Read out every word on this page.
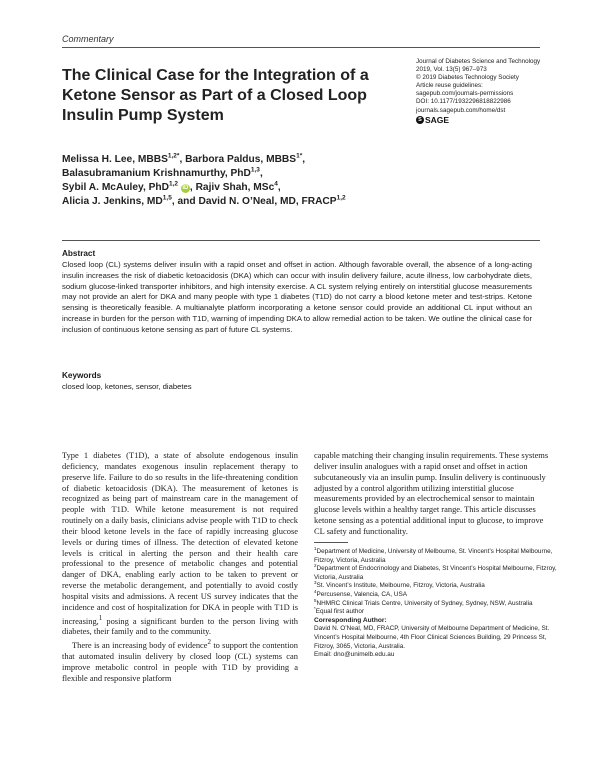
Commentary
The Clinical Case for the Integration of a Ketone Sensor as Part of a Closed Loop Insulin Pump System
Journal of Diabetes Science and Technology
2019, Vol. 13(5) 967–973
© 2019 Diabetes Technology Society
Article reuse guidelines:
sagepub.com/journals-permissions
DOI: 10.1177/1932296818822986
journals.sagepub.com/home/dst
S SAGE
Melissa H. Lee, $MBBS^{1,2*}$, Barbora Paldus, $MBBS^{1*}$,
Balasubramanium Krishnamurthy, PhD$^{1,3}$,
Sybil A. McAuley, PhD$^{1,2}$ iD , Rajiv Shah, MSc$^4$,
Alicia J. Jenkins, MD$^{1,5}$, and David N. O’Neal, MD, FRACP$^{1,2}$
Abstract
Closed loop (CL) systems deliver insulin with a rapid onset and offset in action. Although favorable overall, the absence of a long-acting insulin increases the risk of diabetic ketoacidosis (DKA) which can occur with insulin delivery failure, acute illness, low carbohydrate diets, sodium glucose-linked transporter inhibitors, and high intensity exercise. A CL system relying entirely on interstitial glucose measurements may not provide an alert for DKA and many people with type 1 diabetes (T1D) do not carry a blood ketone meter and test-strips. Ketone sensing is theoretically feasible. A multianalyte platform incorporating a ketone sensor could provide an additional CL input without an increase in burden for the person with T1D, warning of impending DKA to allow remedial action to be taken. We outline the clinical case for inclusion of continuous ketone sensing as part of future CL systems.
Keywords
closed loop, ketones, sensor, diabetes

Type 1 diabetes (T1D), a state of absolute endogenous insulin deficiency, mandates exogenous insulin replacement therapy to preserve life. Failure to do so results in the life-threatening condition of diabetic ketoacidosis (DKA). The measurement of ketones is recognized as being part of mainstream care in the management of people with T1D. While ketone measurement is not required routinely on a daily basis, clinicians advise people with T1D to check their blood ketone levels in the face of rapidly increasing glucose levels or during times of illness. The detection of elevated ketone levels is critical in alerting the person and their health care professional to the presence of metabolic changes and potential danger of DKA, enabling early action to be taken to prevent or reverse the metabolic derangement, and potentially to avoid costly hospital visits and admissions. A recent US survey indicates that the incidence and cost of hospitalization for DKA in people with T1D is increasing,$^1$ posing a significant burden to the person living with diabetes, their family and to the community.

There is an increasing body of evidence$^2$ to support the contention that automated insulin delivery by closed loop (CL) systems can improve metabolic control in people with T1D by providing a flexible and responsive platform

capable matching their changing insulin requirements. These systems deliver insulin analogues with a rapid onset and offset in action subcutaneously via an insulin pump. Insulin delivery is continuously adjusted by a control algorithm utilizing interstitial glucose measurements provided by an electrochemical sensor to maintain glucose levels within a healthy target range. This article discusses ketone sensing as a potential additional input to glucose, to improve CL safety and functionality.

$^1$Department of Medicine, University of Melbourne, St. Vincent’s Hospital Melbourne, Fitzroy, Victoria, Australia
$^2$Department of Endocrinology and Diabetes, St Vincent’s Hospital Melbourne, Fitzroy, Victoria, Australia
$^3$St. Vincent’s Institute, Melbourne, Fitzroy, Victoria, Australia
$^4$Percusense, Valencia, CA, USA
$^5$NHMRC Clinical Trials Centre, University of Sydney, Sydney, NSW, Australia
*Equal first author
Corresponding Author:
David N. O’Neal, MD, FRACP, University of Melbourne Department of Medicine, St. Vincent’s Hospital Melbourne, 4th Floor Clinical Sciences Building, 29 Princess St, Fitzroy, 3065, Victoria, Australia.
Email: dno@unimelb.edu.au
